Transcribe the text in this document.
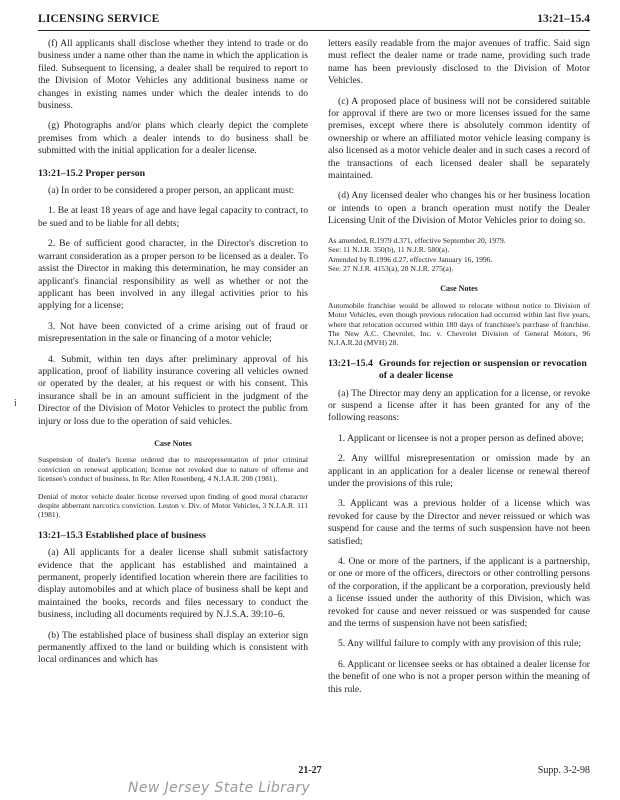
LICENSING SERVICE	13:21–15.4
i

(f) All applicants shall disclose whether they intend to trade or do business under a name other than the name in which the application is filed. Subsequent to licensing, a dealer shall be required to report to the Division of Motor Vehicles any additional business name or changes in existing names under which the dealer intends to do business.

(g) Photographs and/or plans which clearly depict the complete premises from which a dealer intends to do business shall be submitted with the initial application for a dealer license.

13:21–15.2 Proper person

(a) In order to be considered a proper person, an applicant must:

1. Be at least 18 years of age and have legal capacity to contract, to be sued and to be liable for all debts;

2. Be of sufficient good character, in the Director's discretion to warrant consideration as a proper person to be licensed as a dealer. To assist the Director in making this determination, he may consider an applicant's financial responsibility as well as whether or not the applicant has been involved in any illegal activities prior to his applying for a license;

3. Not have been convicted of a crime arising out of fraud or misrepresentation in the sale or financing of a motor vehicle;

4. Submit, within ten days after preliminary approval of his application, proof of liability insurance covering all vehicles owned or operated by the dealer, at his request or with his consent. This insurance shall be in an amount sufficient in the judgment of the Director of the Division of Motor Vehicles to protect the public from injury or loss due to the operation of said vehicles.

Case Notes

Suspension of dealer's license ordered due to misrepresentation of prior criminal conviction on renewal application; license not revoked due to nature of offense and licensee's conduct of business. In Re: Allen Rosenberg, 4 N.J.A.R. 208 (1981).

Denial of motor vehicle dealer license reversed upon finding of good moral character despite abberrant narcotics conviction. Leston v. Div. of Motor Vehicles, 3 N.J.A.R. 111 (1981).

13:21–15.3 Established place of business

(a) All applicants for a dealer license shall submit satisfactory evidence that the applicant has established and maintained a permanent, properly identified location wherein there are facilities to display automobiles and at which place of business shall be kept and maintained the books, records and files necessary to conduct the business, including all documents required by N.J.S.A. 39:10–6.

(b) The established place of business shall display an exterior sign permanently affixed to the land or building which is consistent with local ordinances and which has

letters easily readable from the major avenues of traffic. Said sign must reflect the dealer name or trade name, providing such trade name has been previously disclosed to the Division of Motor Vehicles.

(c) A proposed place of business will not be considered suitable for approval if there are two or more licenses issued for the same premises, except where there is absolutely common identity of ownership or where an affiliated motor vehicle leasing company is also licensed as a motor vehicle dealer and in such cases a record of the transactions of each licensed dealer shall be separately maintained.

(d) Any licensed dealer who changes his or her business location or intends to open a branch operation must notify the Dealer Licensing Unit of the Division of Motor Vehicles prior to doing so.

As amended, R.1979 d.371, effective September 20, 1979.
See: 11 N.J.R. 350(b), 11 N.J.R. 580(a).
Amended by R.1996 d.27, effective January 16, 1996.
See: 27 N.J.R. 4153(a), 28 N.J.R. 275(a).
Case Notes

Automobile franchise would be allowed to relocate without notice to Division of Motor Vehicles, even though previous relocation had occurred within last five years, where that relocation occurred within 180 days of franchisee's purchase of franchise. The New A.C. Chevrolet, Inc. v. Chevrolet Division of General Motors, 96 N.J.A.R.2d (MVH) 28.

13:21–15.4 Grounds for rejection or suspension or revocation of a dealer license

(a) The Director may deny an application for a license, or revoke or suspend a license after it has been granted for any of the following reasons:

1. Applicant or licensee is not a proper person as defined above;

2. Any willful misrepresentation or omission made by an applicant in an application for a dealer license or renewal thereof under the provisions of this rule;

3. Applicant was a previous holder of a license which was revoked for cause by the Director and never reissued or which was suspend for cause and the terms of such suspension have not been satisfied;

4. One or more of the partners, if the applicant is a partnership, or one or more of the officers, directors or other controlling persons of the corporation, if the applicant be a corporation, previously held a license issued under the authority of this Division, which was revoked for cause and never reissued or was suspended for cause and the terms of suspension have not been satisfied;

5. Any willful failure to comply with any provision of this rule;

6. Applicant or licensee seeks or has obtained a dealer license for the benefit of one who is not a proper person within the meaning of this rule.

21-27	Supp. 3-2-98
New Jersey State Library
